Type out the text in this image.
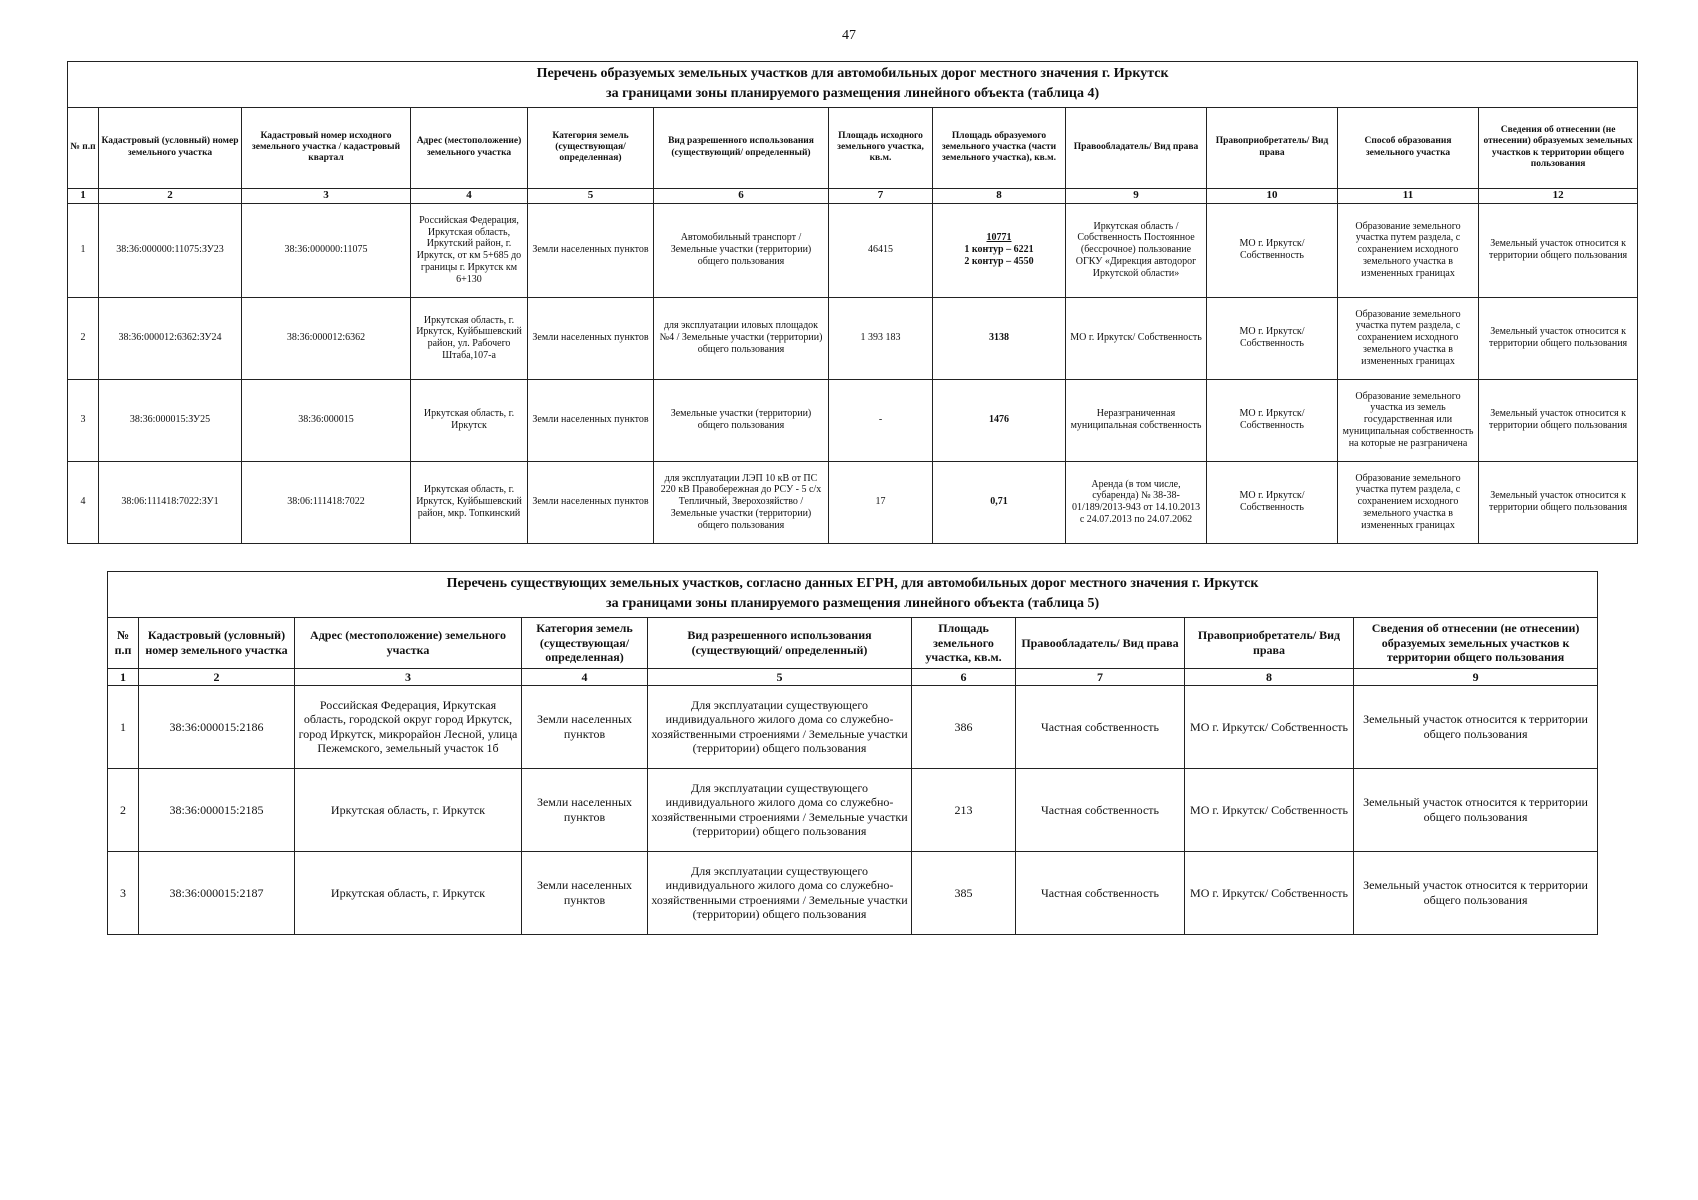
47
Перечень образуемых земельных участков для автомобильных дорог местного значения г. Иркутск
за границами зоны планируемого размещения линейного объекта (таблица 4)											

№ п.п	Кадастровый (условный) номер земельного участка	Кадастровый номер исходного земельного участка / кадастровый квартал	Адрес (местоположение) земельного участка	Категория земель (существующая/ определенная)	Вид разрешенного использования (существующий/ определенный)	Площадь исходного земельного участка, кв.м.	Площадь образуемого земельного участка (части земельного участка), кв.м.	Правообладатель/ Вид права	Правоприобретатель/ Вид права	Способ образования земельного участка	Сведения об отнесении (не отнесении) образуемых земельных участков к территории общего пользования
1	2	3	4	5	6	7	8	9	10	11	12
1	38:36:000000:11075:ЗУ23	38:36:000000:11075	Российская Федерация, Иркутская область, Иркутский район, г. Иркутск, от км 5+685 до границы г. Иркутск км 6+130	Земли населенных пунктов	Автомобильный транспорт / Земельные участки (территории) общего пользования	46415	10771
1 контур – 6221
2 контур – 4550	Иркутская область / Собственность Постоянное (бессрочное) пользование ОГКУ «Дирекция автодорог Иркутской области»	МО г. Иркутск/ Собственность	Образование земельного участка путем раздела, с сохранением исходного земельного участка в измененных границах	Земельный участок относится к территории общего пользования
2	38:36:000012:6362:ЗУ24	38:36:000012:6362	Иркутская область, г. Иркутск, Куйбышевский район, ул. Рабочего Штаба,107-а	Земли населенных пунктов	для эксплуатации иловых площадок №4 / Земельные участки (территории) общего пользования	1 393 183	3138	МО г. Иркутск/ Собственность	МО г. Иркутск/ Собственность	Образование земельного участка путем раздела, с сохранением исходного земельного участка в измененных границах	Земельный участок относится к территории общего пользования
3	38:36:000015:ЗУ25	38:36:000015	Иркутская область, г. Иркутск	Земли населенных пунктов	Земельные участки (территории) общего пользования	-	1476	Неразграниченная муниципальная собственность	МО г. Иркутск/ Собственность	Образование земельного участка из земель государственная или муниципальная собственность на которые не разграничена	Земельный участок относится к территории общего пользования
4	38:06:111418:7022:ЗУ1	38:06:111418:7022	Иркутская область, г. Иркутск, Куйбышевский район, мкр. Топкинский	Земли населенных пунктов	для эксплуатации ЛЭП 10 кВ от ПС 220 кВ Правобережная до РСУ - 5 с/х Тепличный, Зверохозяйство / Земельные участки (территории) общего пользования	17	0,71	Аренда (в том числе, субаренда) № 38-38-01/189/2013-943 от 14.10.2013 с 24.07.2013 по 24.07.2062	МО г. Иркутск/ Собственность	Образование земельного участка путем раздела, с сохранением исходного земельного участка в измененных границах	Земельный участок относится к территории общего пользования
Перечень существующих земельных участков, согласно данных ЕГРН, для автомобильных дорог местного значения г. Иркутск
за границами зоны планируемого размещения линейного объекта (таблица 5)								

№ п.п	Кадастровый (условный) номер земельного участка	Адрес (местоположение) земельного участка	Категория земель (существующая/ определенная)	Вид разрешенного использования (существующий/ определенный)	Площадь земельного участка, кв.м.	Правообладатель/ Вид права	Правоприобретатель/ Вид права	Сведения об отнесении (не отнесении) образуемых земельных участков к территории общего пользования
1	2	3	4	5	6	7	8	9
1	38:36:000015:2186	Российская Федерация, Иркутская область, городской округ город Иркутск, город Иркутск, микрорайон Лесной, улица Пежемского, земельный участок 1б	Земли населенных пунктов	Для эксплуатации существующего индивидуального жилого дома со служебно-хозяйственными строениями / Земельные участки (территории) общего пользования	386	Частная собственность	МО г. Иркутск/ Собственность	Земельный участок относится к территории общего пользования
2	38:36:000015:2185	Иркутская область, г. Иркутск	Земли населенных пунктов	Для эксплуатации существующего индивидуального жилого дома со служебно-хозяйственными строениями / Земельные участки (территории) общего пользования	213	Частная собственность	МО г. Иркутск/ Собственность	Земельный участок относится к территории общего пользования
3	38:36:000015:2187	Иркутская область, г. Иркутск	Земли населенных пунктов	Для эксплуатации существующего индивидуального жилого дома со служебно-хозяйственными строениями / Земельные участки (территории) общего пользования	385	Частная собственность	МО г. Иркутск/ Собственность	Земельный участок относится к территории общего пользования
